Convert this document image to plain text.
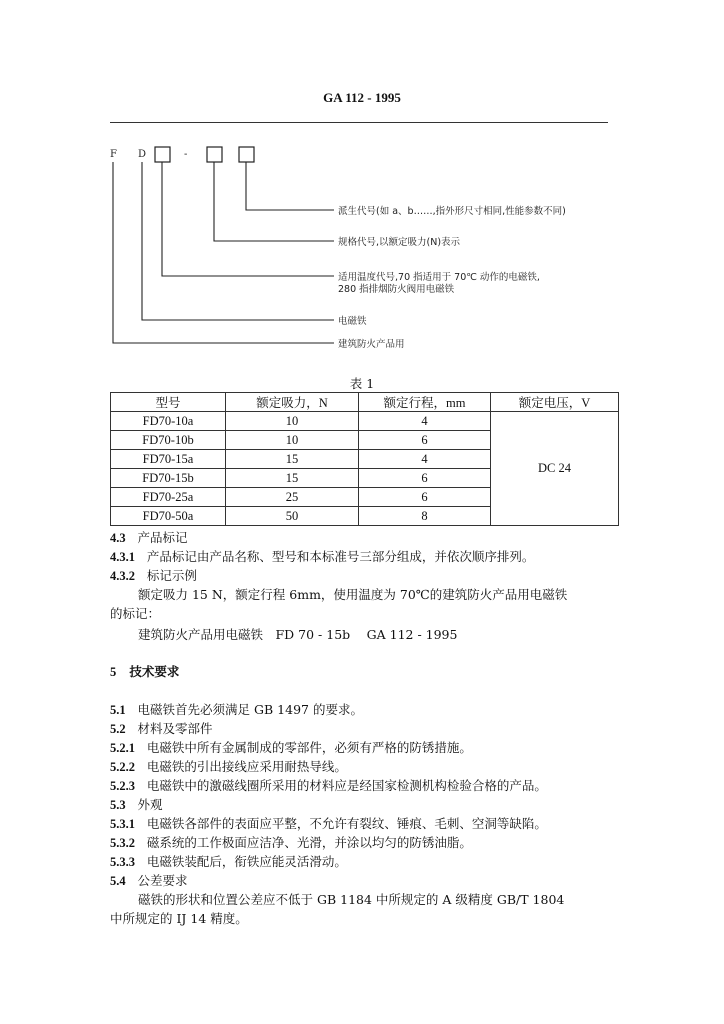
GA 112 - 1995
F D	-
派生代号(如 a、b……,指外形尺寸相同,性能参数不同)
规格代号,以额定吸力(N)表示
适用温度代号,70 指适用于 70℃ 动作的电磁铁,
280 指排烟防火阀用电磁铁
电磁铁
建筑防火产品用
表 1
型号	额定吸力，N	额定行程，mm	额定电压，V
FD70-10a	10	4	DC 24
FD70-10b	10	6	
FD70-15a	15	4	
FD70-15b	15	6	
FD70-25a	25	6	
FD70-50a	50	8	
4.3 产品标记
4.3.1 产品标记由产品名称、型号和本标准号三部分组成，并依次顺序排列。
4.3.2 标记示例
额定吸力 15 N，额定行程 6mm，使用温度为 70℃的建筑防火产品用电磁铁
的标记：
建筑防火产品用电磁铁　FD 70 - 15b　 GA 112 - 1995
5 技术要求
5.1 电磁铁首先必须满足 GB 1497 的要求。
5.2 材料及零部件
5.2.1 电磁铁中所有金属制成的零部件，必须有严格的防锈措施。
5.2.2 电磁铁的引出接线应采用耐热导线。
5.2.3 电磁铁中的激磁线圈所采用的材料应是经国家检测机构检验合格的产品。
5.3 外观
5.3.1 电磁铁各部件的表面应平整，不允许有裂纹、锤痕、毛刺、空洞等缺陷。
5.3.2 磁系统的工作极面应洁净、光滑，并涂以均匀的防锈油脂。
5.3.3 电磁铁装配后，衔铁应能灵活滑动。
5.4 公差要求
磁铁的形状和位置公差应不低于 GB 1184 中所规定的 A 级精度 GB/T 1804
中所规定的 IJ 14 精度。
